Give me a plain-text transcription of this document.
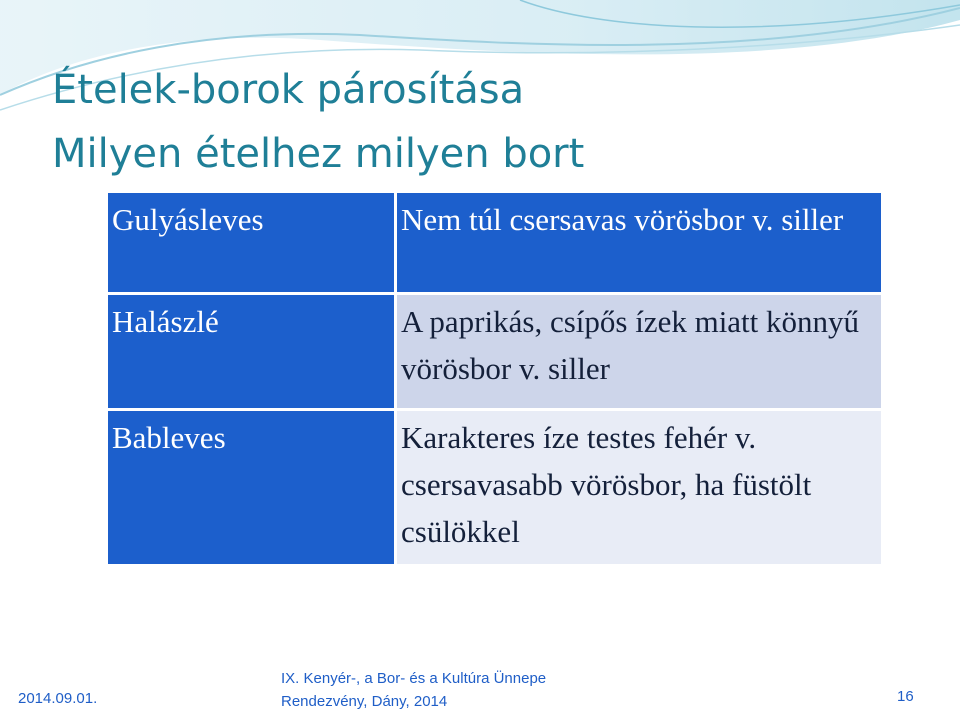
Ételek-borok párosítása
Milyen ételhez milyen bort
Gulyásleves	Nem túl csersavas vörösbor v. siller
Halászlé	A paprikás, csípős ízek miatt könnyű vörösbor v. siller
Bableves	Karakteres íze testes fehér v. csersavasabb vörösbor, ha füstölt csülökkel
2014.09.01.
IX. Kenyér-, a Bor- és a Kultúra Ünnepe
Rendezvény, Dány, 2014	16
